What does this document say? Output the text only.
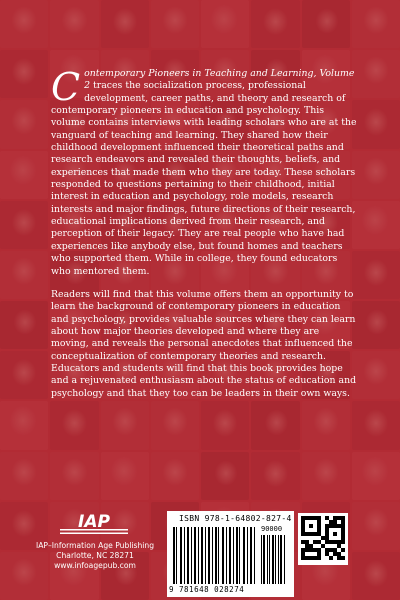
Contemporary Pioneers in Teaching and Learning, Volume 2 traces the socialization process, professional development, career paths, and theory and research of contemporary pioneers in education and psychology. This volume contains interviews with leading scholars who are at the vanguard of teaching and learning. They shared how their childhood development influenced their theoretical paths and research endeavors and revealed their thoughts, beliefs, and experiences that made them who they are today. These scholars responded to questions pertaining to their childhood, initial interest in education and psychology, role models, research interests and major findings, future directions of their research, educational implications derived from their research, and perception of their legacy. They are real people who have had experiences like anybody else, but found homes and teachers who supported them. While in college, they found educators who mentored them.

Readers will find that this volume offers them an opportunity to learn the background of contemporary pioneers in education and psychology, provides valuable sources where they can learn about how major theories developed and where they are moving, and reveals the personal anecdotes that influenced the conceptualization of contemporary theories and research. Educators and students will find that this book provides hope and a rejuvenated enthusiasm about the status of education and psychology and that they too can be leaders in their own ways.

IAP
IAP–Information Age Publishing
Charlotte, NC 28271
www.infoagepub.com
ISBN 978-1-64802-827-4
90000
9 781648 028274
